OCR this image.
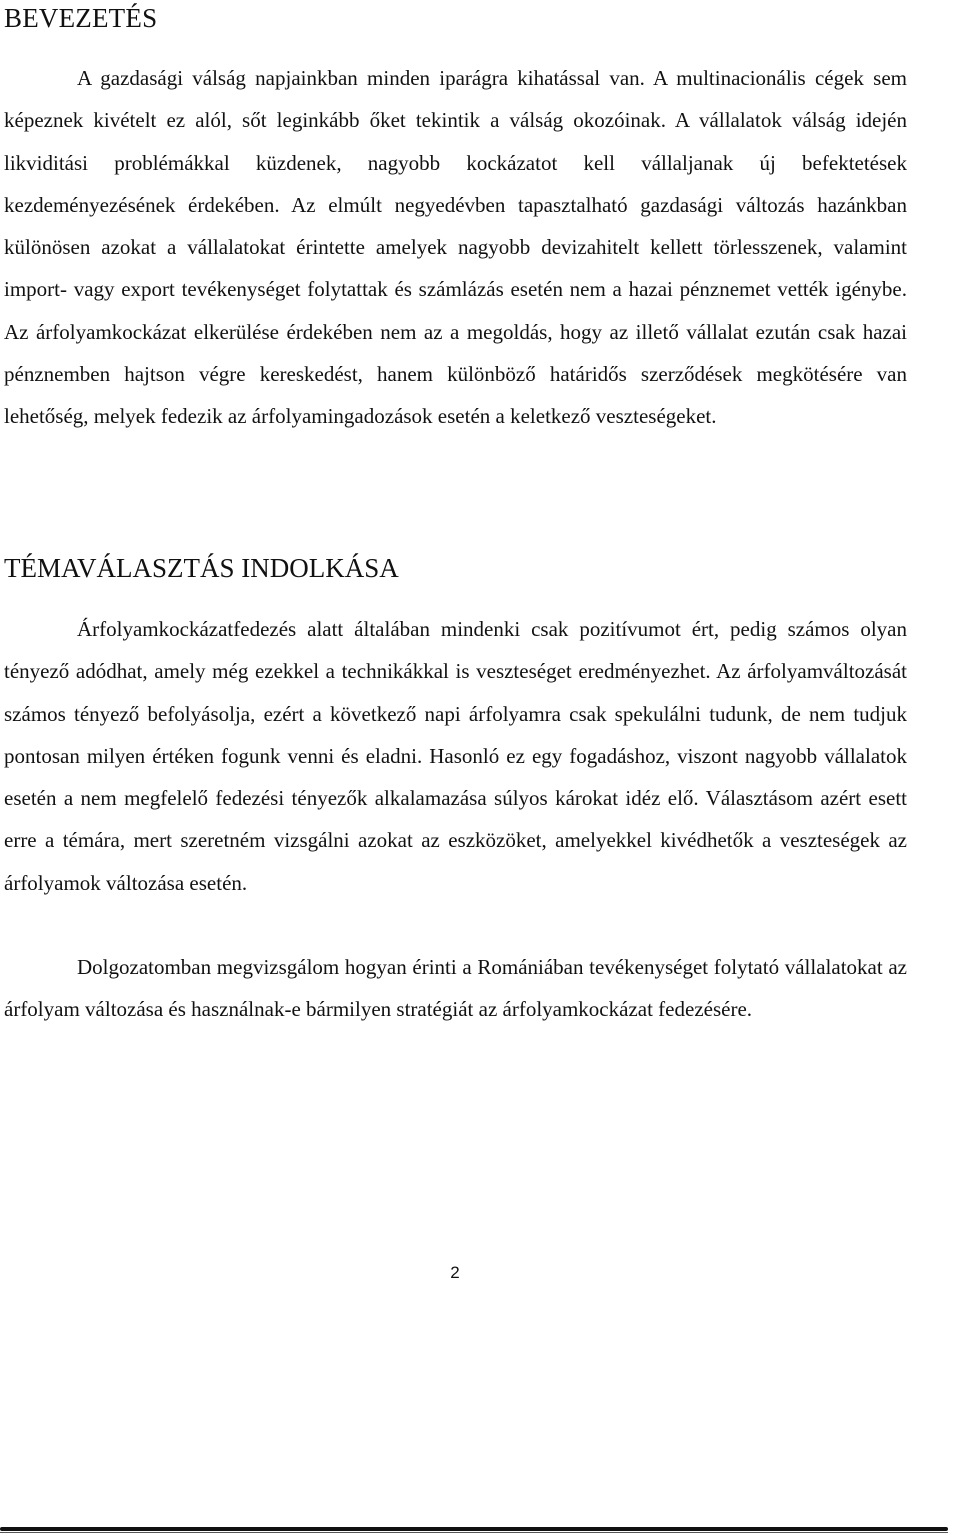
BEVEZETÉS

A gazdasági válság napjainkban minden iparágra kihatással van. A multinacionális cégek sem képeznek kivételt ez alól, sőt leginkább őket tekintik a válság okozóinak. A vállalatok válság idején likviditási problémákkal küzdenek, nagyobb kockázatot kell vállaljanak új befektetések kezdeményezésének érdekében. Az elmúlt negyedévben tapasztalható gazdasági változás hazánkban különösen azokat a vállalatokat érintette amelyek nagyobb devizahitelt kellett törlesszenek, valamint import- vagy export tevékenységet folytattak és számlázás esetén nem a hazai pénznemet vették igénybe. Az árfolyamkockázat elkerülése érdekében nem az a megoldás, hogy az illető vállalat ezután csak hazai pénznemben hajtson végre kereskedést, hanem különböző határidős szerződések megkötésére van lehetőség, melyek fedezik az árfolyamingadozások esetén a keletkező veszteségeket.

TÉMAVÁLASZTÁS INDOLKÁSA

Árfolyamkockázatfedezés alatt általában mindenki csak pozitívumot ért, pedig számos olyan tényező adódhat, amely még ezekkel a technikákkal is veszteséget eredményezhet. Az árfolyamváltozását számos tényező befolyásolja, ezért a következő napi árfolyamra csak spekulálni tudunk, de nem tudjuk pontosan milyen értéken fogunk venni és eladni. Hasonló ez egy fogadáshoz, viszont nagyobb vállalatok esetén a nem megfelelő fedezési tényezők alkalamazása súlyos károkat idéz elő. Választásom azért esett erre a témára, mert szeretném vizsgálni azokat az eszközöket, amelyekkel kivédhetők a veszteségek az árfolyamok változása esetén.

Dolgozatomban megvizsgálom hogyan érinti a Romániában tevékenységet folytató vállalatokat az árfolyam változása és használnak-e bármilyen stratégiát az árfolyamkockázat fedezésére.

2
